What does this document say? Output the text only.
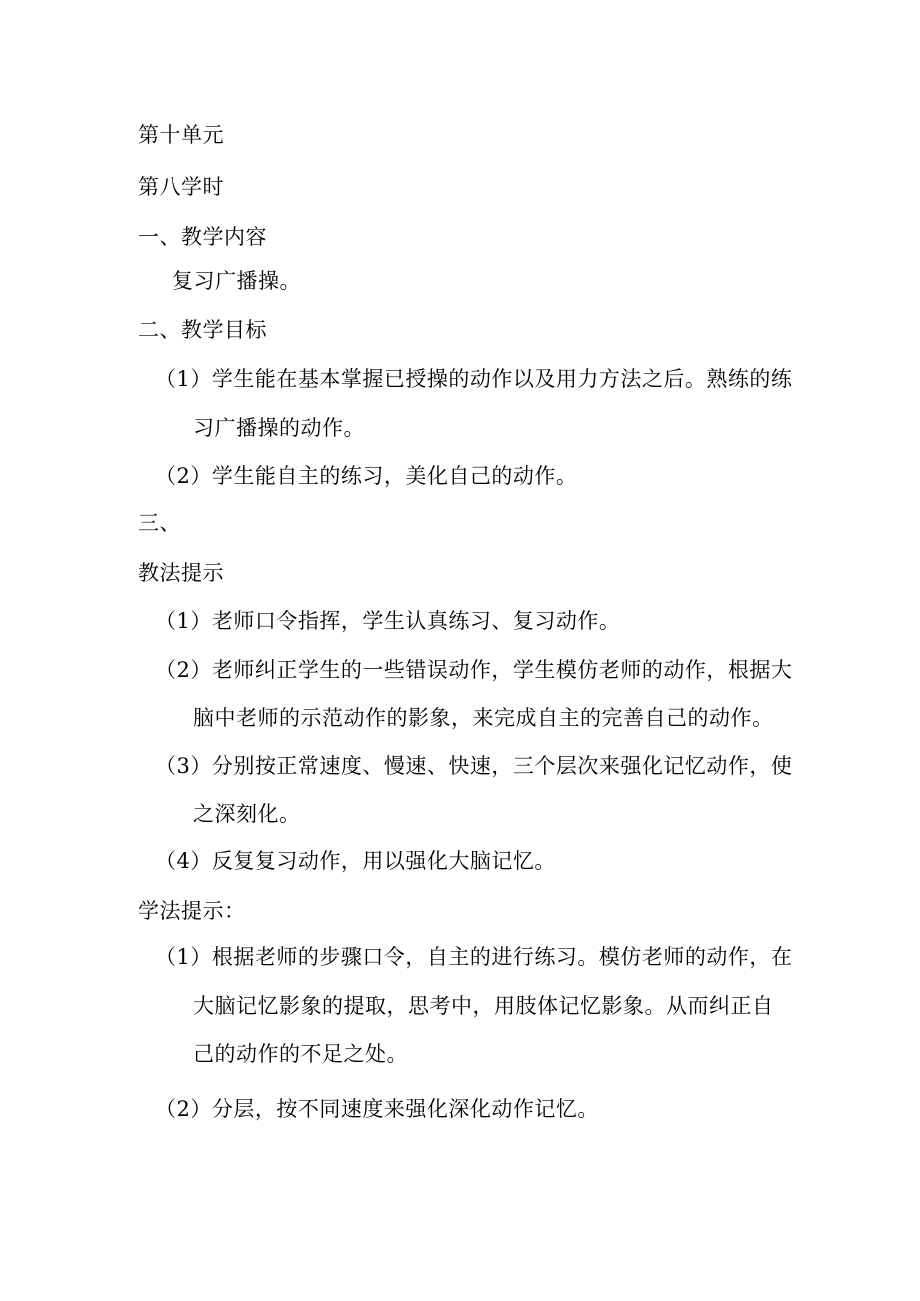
第十单元
第八学时
一、教学内容
复习广播操。
二、教学目标
（1）学生能在基本掌握已授操的动作以及用力方法之后。熟练的练
习广播操的动作。
（2）学生能自主的练习，美化自己的动作。
三、
教法提示
（1）老师口令指挥，学生认真练习、复习动作。
（2）老师纠正学生的一些错误动作，学生模仿老师的动作，根据大
脑中老师的示范动作的影象，来完成自主的完善自己的动作。
（3）分别按正常速度、慢速、快速，三个层次来强化记忆动作，使
之深刻化。
（4）反复复习动作，用以强化大脑记忆。
学法提示：
（1）根据老师的步骤口令，自主的进行练习。模仿老师的动作，在
大脑记忆影象的提取，思考中，用肢体记忆影象。从而纠正自
己的动作的不足之处。
（2）分层，按不同速度来强化深化动作记忆。
